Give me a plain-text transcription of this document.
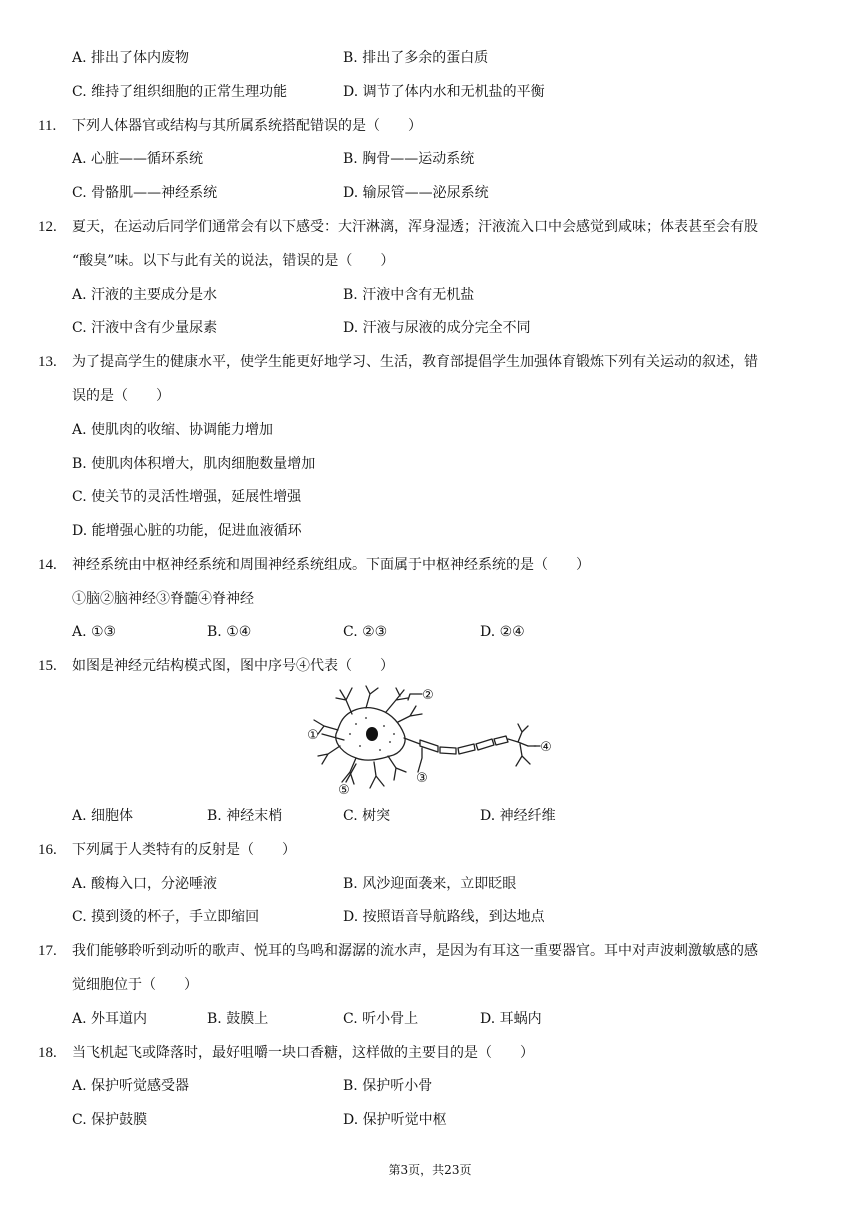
A. 排出了体内废物	B. 排出了多余的蛋白质
C. 维持了组织细胞的正常生理功能	D. 调节了体内水和无机盐的平衡
11. 下列人体器官或结构与其所属系统搭配错误的是（　　）
A. 心脏——循环系统	B. 胸骨——运动系统
C. 骨骼肌——神经系统	D. 输尿管——泌尿系统
12. 夏天，在运动后同学们通常会有以下感受：大汗淋漓，浑身湿透；汗液流入口中会感觉到咸味；体表甚至会有股
“酸臭”味。以下与此有关的说法，错误的是（　　）
A. 汗液的主要成分是水	B. 汗液中含有无机盐
C. 汗液中含有少量尿素	D. 汗液与尿液的成分完全不同
13. 为了提高学生的健康水平，使学生能更好地学习、生活，教育部提倡学生加强体育锻炼下列有关运动的叙述，错
误的是（　　）
A. 使肌肉的收缩、协调能力增加
B. 使肌肉体积增大，肌肉细胞数量增加
C. 使关节的灵活性增强，延展性增强
D. 能增强心脏的功能，促进血液循环
14. 神经系统由中枢神经系统和周围神经系统组成。下面属于中枢神经系统的是（　　）
①脑②脑神经③脊髓④脊神经
A. ①③	B. ①④	C. ②③	D. ②④
15. 如图是神经元结构模式图，图中序号④代表（　　）
①
②
③
④
⑤
A. 细胞体	B. 神经末梢	C. 树突	D. 神经纤维
16. 下列属于人类特有的反射是（　　）
A. 酸梅入口，分泌唾液	B. 风沙迎面袭来，立即眨眼
C. 摸到烫的杯子，手立即缩回	D. 按照语音导航路线，到达地点
17. 我们能够聆听到动听的歌声、悦耳的鸟鸣和潺潺的流水声，是因为有耳这一重要器官。耳中对声波刺激敏感的感
觉细胞位于（　　）
A. 外耳道内	B. 鼓膜上	C. 听小骨上	D. 耳蜗内
18. 当飞机起飞或降落时，最好咀嚼一块口香糖，这样做的主要目的是（　　）
A. 保护听觉感受器	B. 保护听小骨
C. 保护鼓膜	D. 保护听觉中枢
第3页，共23页
